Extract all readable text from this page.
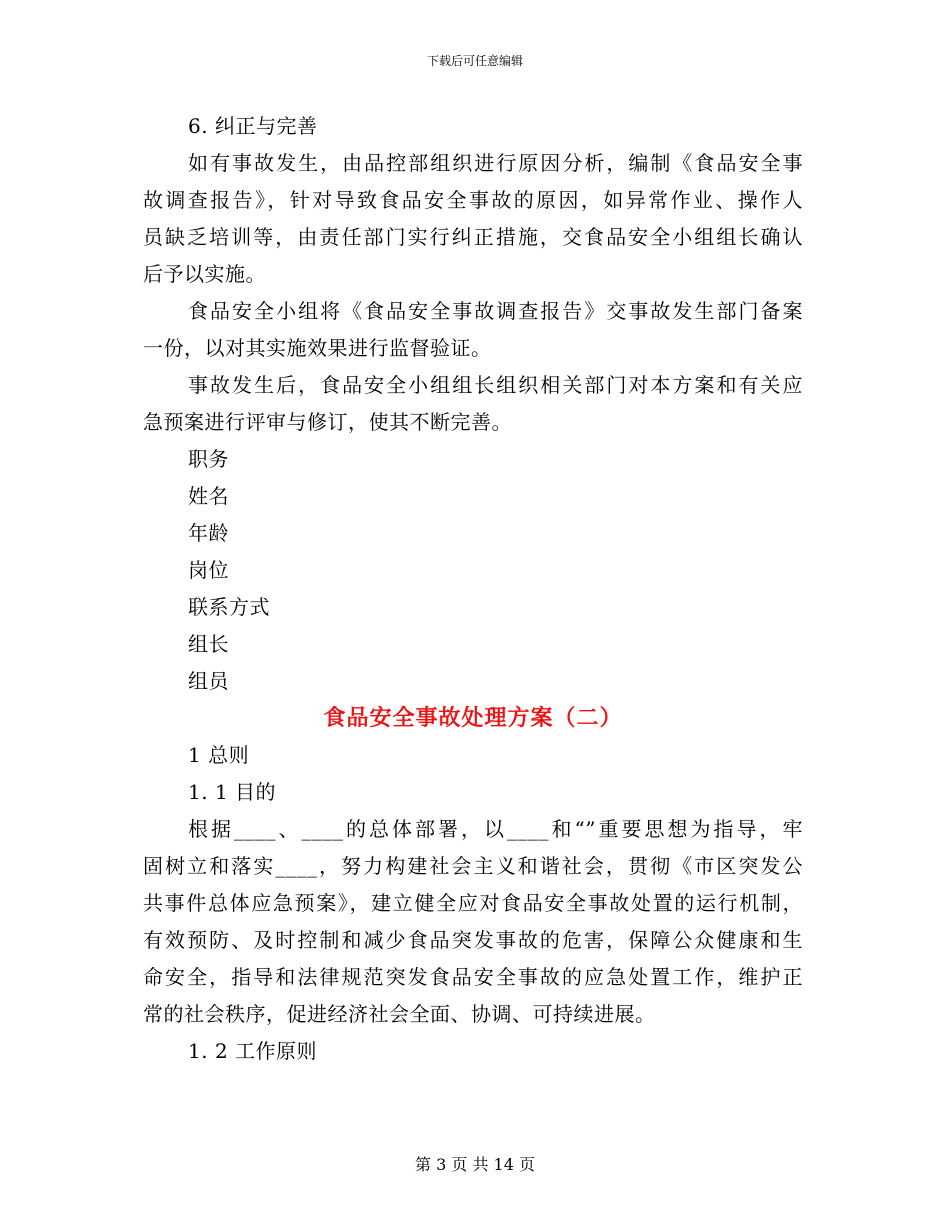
下载后可任意编辑
6. 纠正与完善
如有事故发生，由品控部组织进行原因分析，编制《食品安全事
故调查报告》，针对导致食品安全事故的原因，如异常作业、操作人
员缺乏培训等，由责任部门实行纠正措施，交食品安全小组组长确认
后予以实施。
食品安全小组将《食品安全事故调查报告》交事故发生部门备案
一份，以对其实施效果进行监督验证。
事故发生后，食品安全小组组长组织相关部门对本方案和有关应
急预案进行评审与修订，使其不断完善。
职务
姓名
年龄
岗位
联系方式
组长
组员
食品安全事故处理方案（二）
1 总则
1. 1 目的
根据____、____的总体部署，以____和“”重要思想为指导，牢
固树立和落实____，努力构建社会主义和谐社会，贯彻《市区突发公
共事件总体应急预案》，建立健全应对食品安全事故处置的运行机制，
有效预防、及时控制和减少食品突发事故的危害，保障公众健康和生
命安全，指导和法律规范突发食品安全事故的应急处置工作，维护正
常的社会秩序，促进经济社会全面、协调、可持续进展。
1. 2 工作原则
第 3 页 共 14 页
